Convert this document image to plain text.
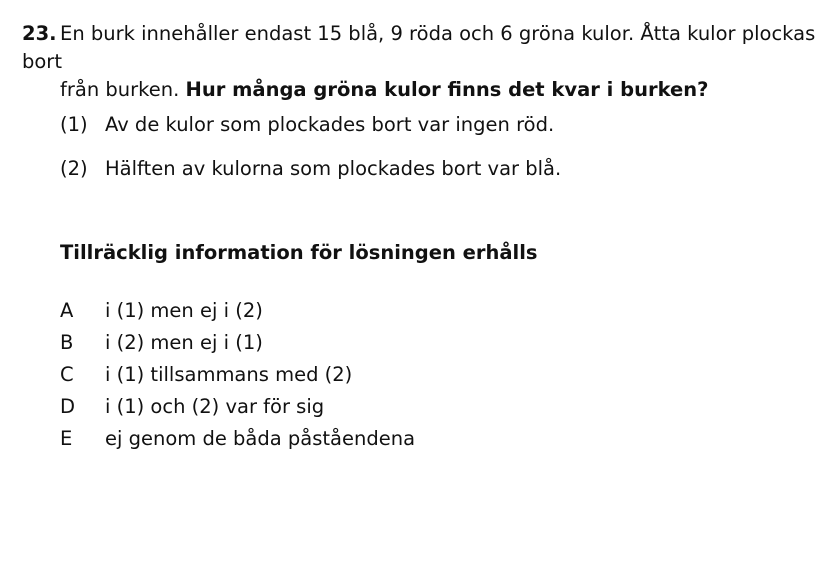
23. En burk innehåller endast 15 blå, 9 röda och 6 gröna kulor. Åtta kulor plockas bort
från burken. Hur många gröna kulor finns det kvar i burken?
(1) Av de kulor som plockades bort var ingen röd.
(2) Hälften av kulorna som plockades bort var blå.
Tillräcklig information för lösningen erhålls
A i (1) men ej i (2)
B i (2) men ej i (1)
C i (1) tillsammans med (2)
D i (1) och (2) var för sig
E ej genom de båda påståendena
